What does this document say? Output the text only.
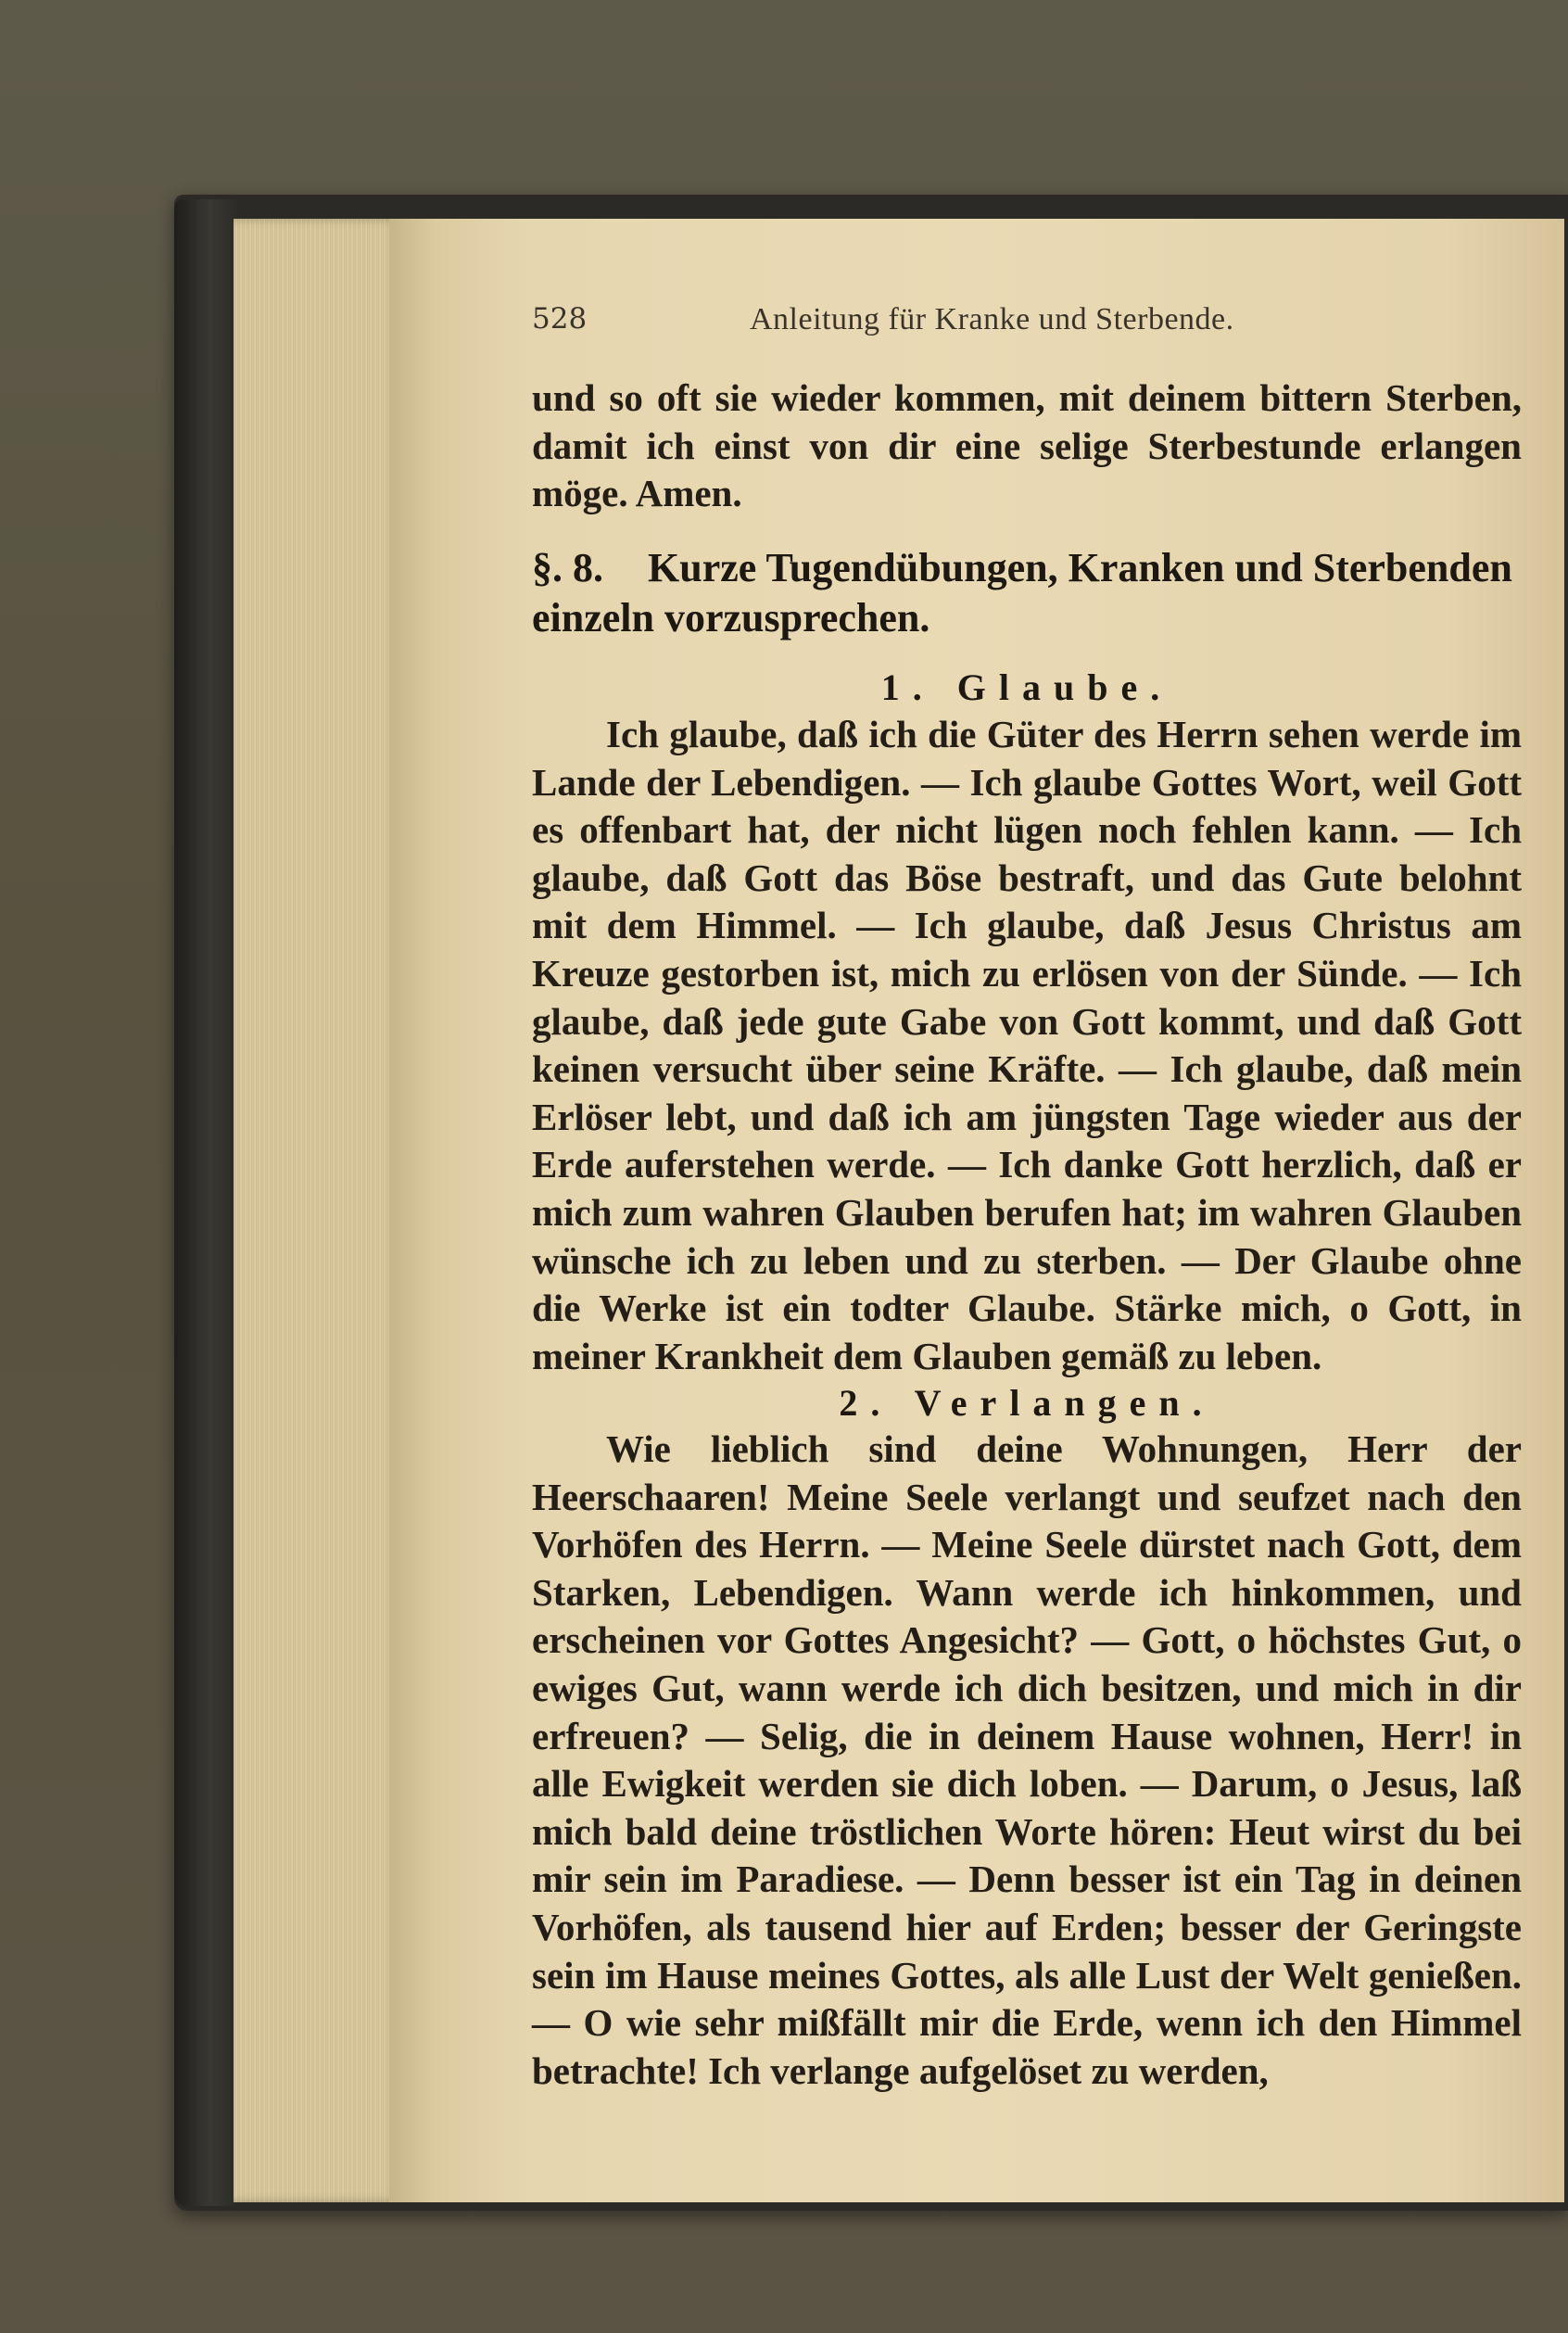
528	Anleitung für Kranke und Sterbende.

und so oft sie wieder kommen, mit deinem bittern Sterben, damit ich einst von dir eine selige Sterbestunde erlangen möge. Amen.

§. 8. Kurze Tugendübungen, Kranken und Sterbenden einzeln vorzusprechen.
1. Glaube.

Ich glaube, daß ich die Güter des Herrn sehen werde im Lande der Lebendigen. — Ich glaube Gottes Wort, weil Gott es offenbart hat, der nicht lügen noch fehlen kann. — Ich glaube, daß Gott das Böse bestraft, und das Gute belohnt mit dem Himmel. — Ich glaube, daß Jesus Christus am Kreuze gestorben ist, mich zu erlösen von der Sünde. — Ich glaube, daß jede gute Gabe von Gott kommt, und daß Gott keinen versucht über seine Kräfte. — Ich glaube, daß mein Erlöser lebt, und daß ich am jüngsten Tage wieder aus der Erde auferstehen werde. — Ich danke Gott herzlich, daß er mich zum wahren Glauben berufen hat; im wahren Glauben wünsche ich zu leben und zu sterben. — Der Glaube ohne die Werke ist ein todter Glaube. Stärke mich, o Gott, in meiner Krankheit dem Glauben gemäß zu leben.

2. Verlangen.

Wie lieblich sind deine Wohnungen, Herr der Heerschaaren! Meine Seele verlangt und seufzet nach den Vorhöfen des Herrn. — Meine Seele dürstet nach Gott, dem Starken, Lebendigen. Wann werde ich hinkommen, und erscheinen vor Gottes Angesicht? — Gott, o höchstes Gut, o ewiges Gut, wann werde ich dich besitzen, und mich in dir erfreuen? — Selig, die in deinem Hause wohnen, Herr! in alle Ewigkeit werden sie dich loben. — Darum, o Jesus, laß mich bald deine tröstlichen Worte hören: Heut wirst du bei mir sein im Paradiese. — Denn besser ist ein Tag in deinen Vorhöfen, als tausend hier auf Erden; besser der Geringste sein im Hause meines Gottes, als alle Lust der Welt genießen. — O wie sehr mißfällt mir die Erde, wenn ich den Himmel betrachte! Ich verlange aufgelöset zu werden,
